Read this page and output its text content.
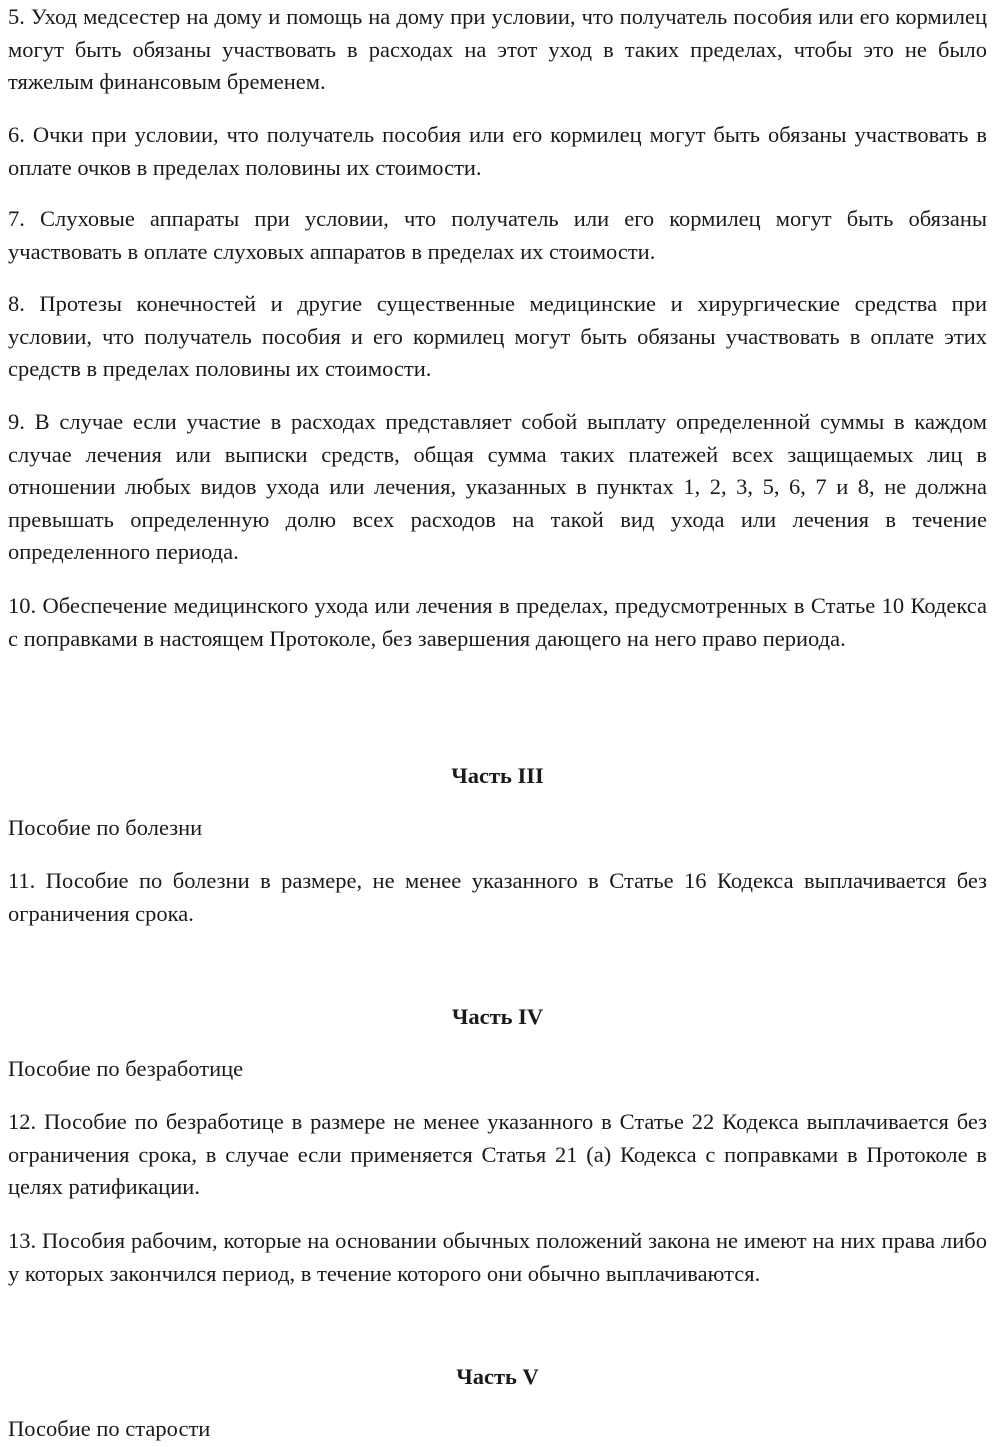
5. Уход медсестер на дому и помощь на дому при условии, что получатель пособия или его кормилец могут быть обязаны участвовать в расходах на этот уход в таких пределах, чтобы это не было тяжелым финансовым бременем.

6. Очки при условии, что получатель пособия или его кормилец могут быть обязаны участвовать в оплате очков в пределах половины их стоимости.

7. Слуховые аппараты при условии, что получатель или его кормилец могут быть обязаны участвовать в оплате слуховых аппаратов в пределах их стоимости.

8. Протезы конечностей и другие существенные медицинские и хирургические средства при условии, что получатель пособия и его кормилец могут быть обязаны участвовать в оплате этих средств в пределах половины их стоимости.

9. В случае если участие в расходах представляет собой выплату определенной суммы в каждом случае лечения или выписки средств, общая сумма таких платежей всех защищаемых лиц в отношении любых видов ухода или лечения, указанных в пунктах 1, 2, 3, 5, 6, 7 и 8, не должна превышать определенную долю всех расходов на такой вид ухода или лечения в течение определенного периода.

10. Обеспечение медицинского ухода или лечения в пределах, предусмотренных в Статье 10 Кодекса с поправками в настоящем Протоколе, без завершения дающего на него право периода.

Часть III

Пособие по болезни

11. Пособие по болезни в размере, не менее указанного в Статье 16 Кодекса выплачивается без ограничения срока.

Часть IV

Пособие по безработице

12. Пособие по безработице в размере не менее указанного в Статье 22 Кодекса выплачивается без ограничения срока, в случае если применяется Статья 21 (а) Кодекса с поправками в Протоколе в целях ратификации.

13. Пособия рабочим, которые на основании обычных положений закона не имеют на них права либо у которых закончился период, в течение которого они обычно выплачиваются.

Часть V

Пособие по старости
